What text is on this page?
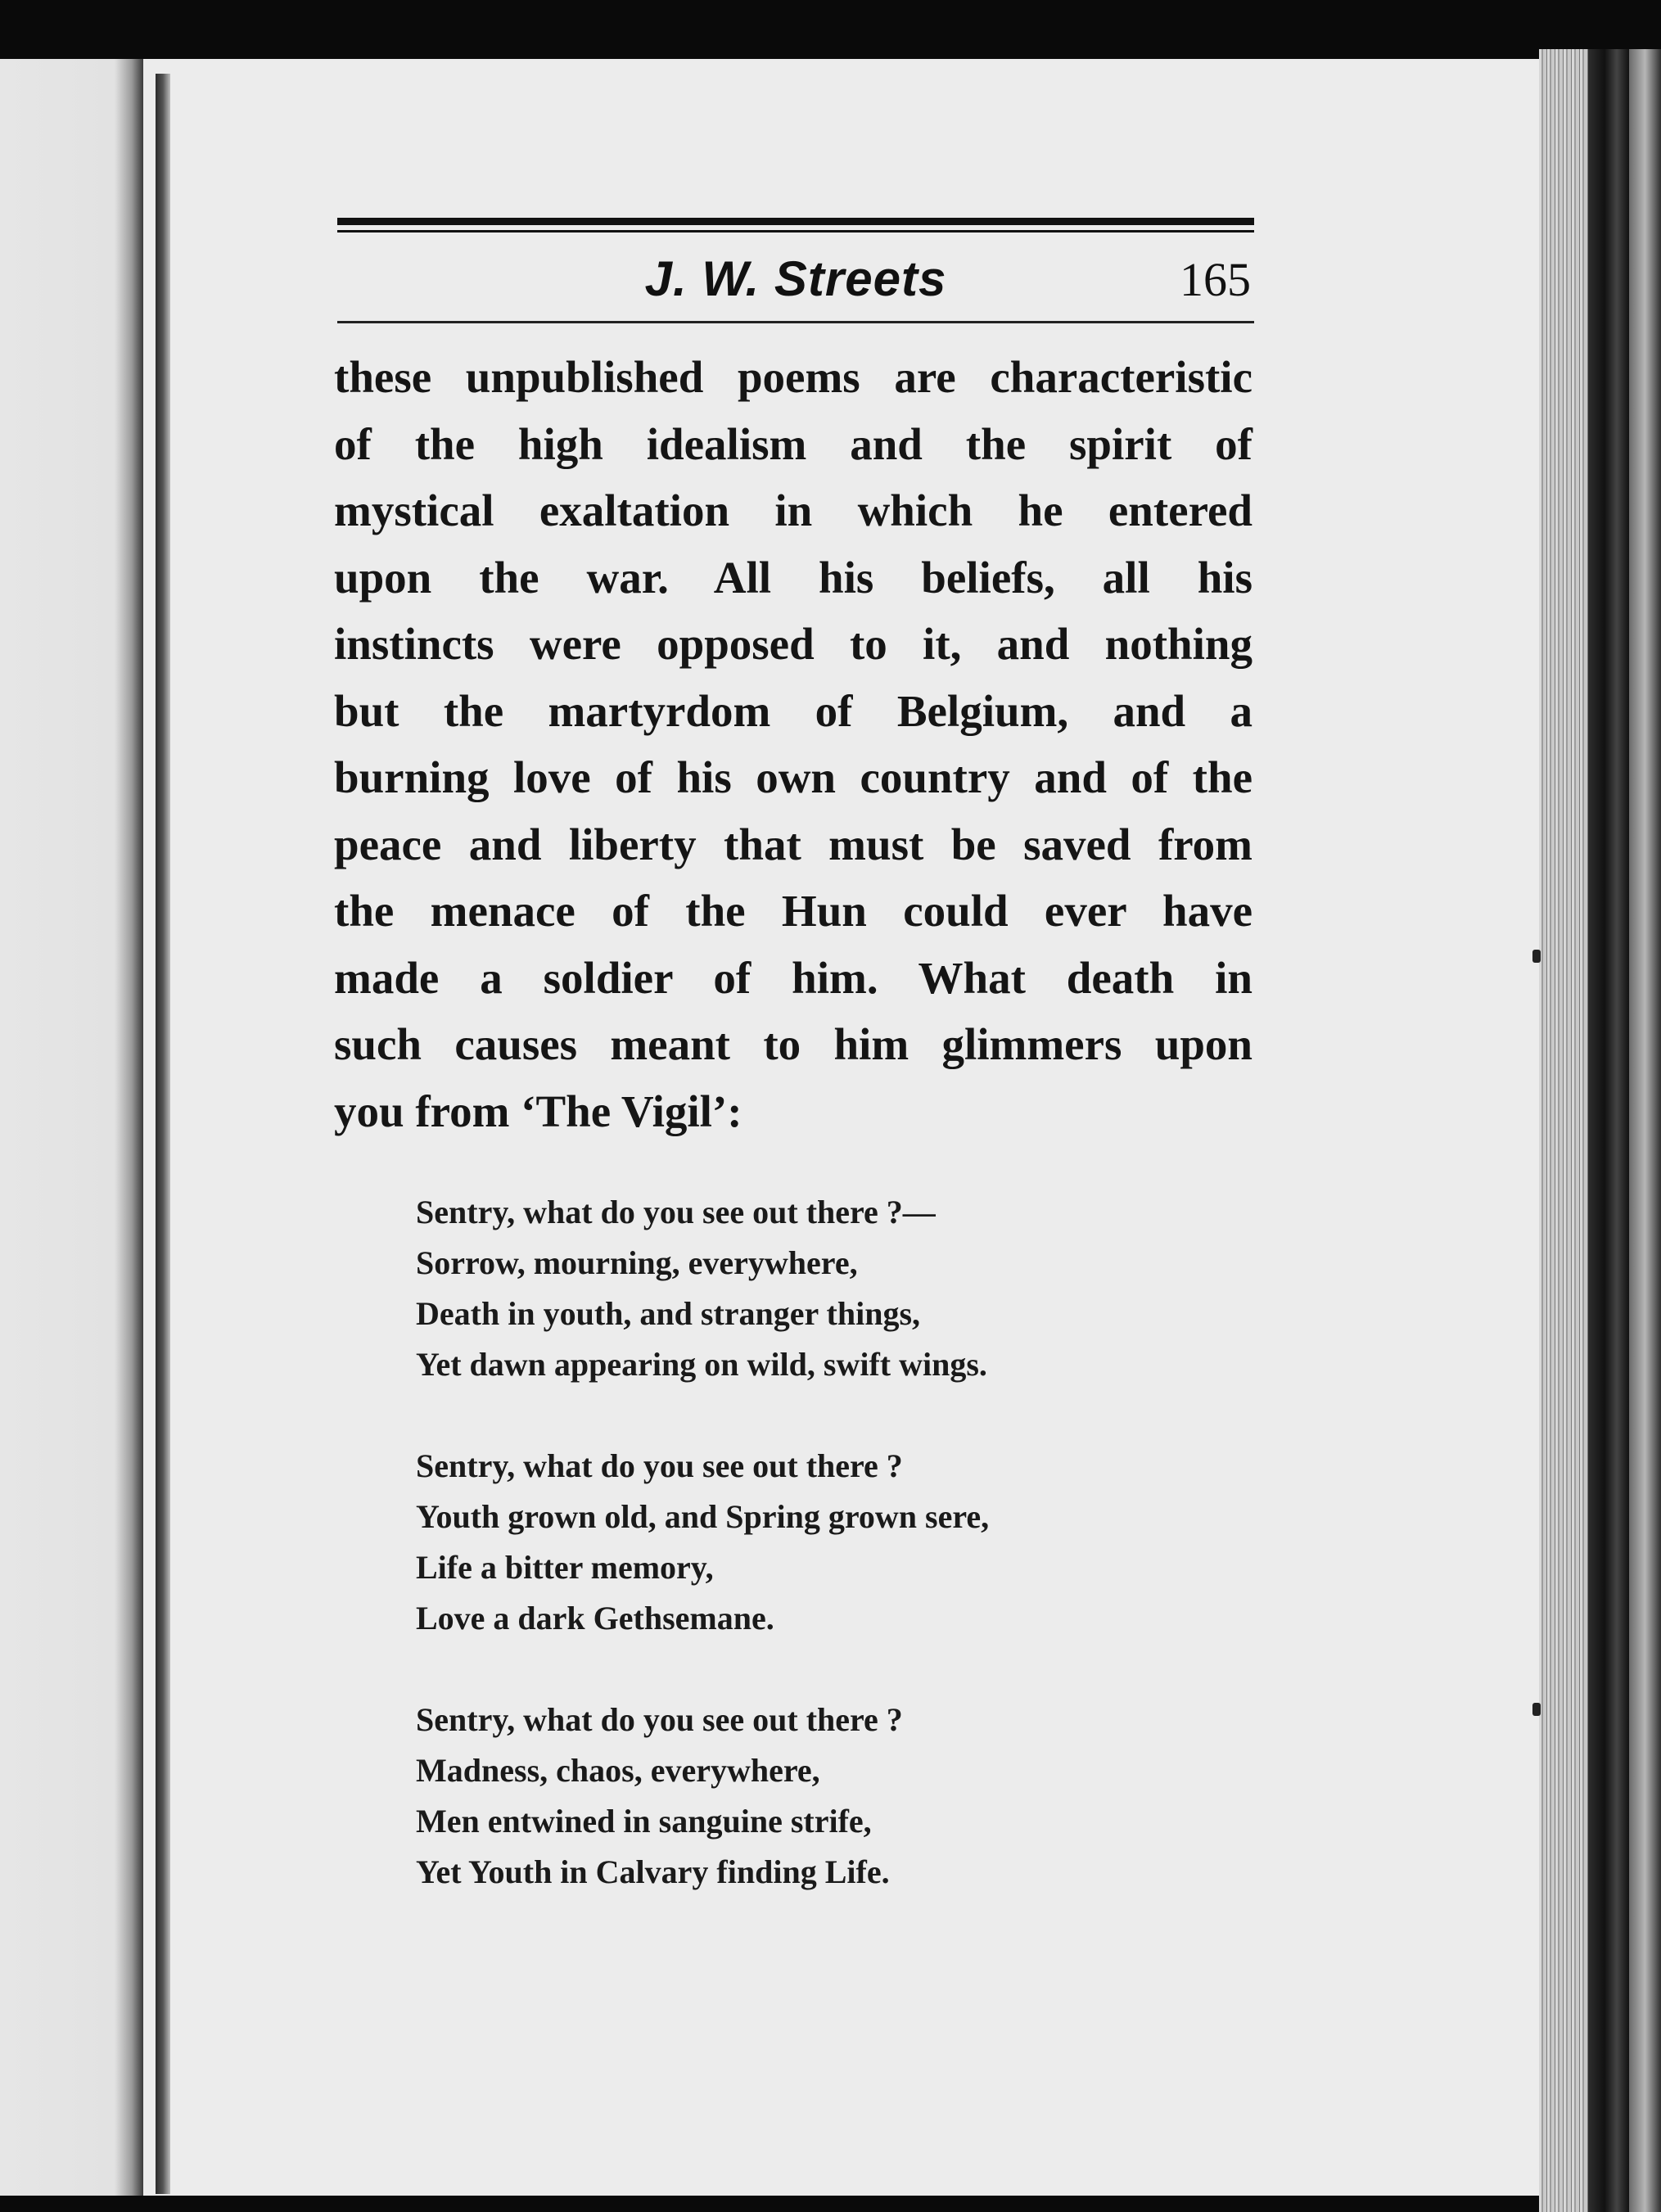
J. W. Streets	165
these unpublished poems are characteristic
of the high idealism and the spirit of
mystical exaltation in which he entered
upon the war. All his beliefs, all his
instincts were opposed to it, and nothing
but the martyrdom of Belgium, and a
burning love of his own country and of the
peace and liberty that must be saved from
the menace of the Hun could ever have
made a soldier of him. What death in
such causes meant to him glimmers upon
you from ‘The Vigil’:
Sentry, what do you see out there ?—
Sorrow, mourning, everywhere,
Death in youth, and stranger things,
Yet dawn appearing on wild, swift wings.
Sentry, what do you see out there ?
Youth grown old, and Spring grown sere,
Life a bitter memory,
Love a dark Gethsemane.
Sentry, what do you see out there ?
Madness, chaos, everywhere,
Men entwined in sanguine strife,
Yet Youth in Calvary finding Life.
